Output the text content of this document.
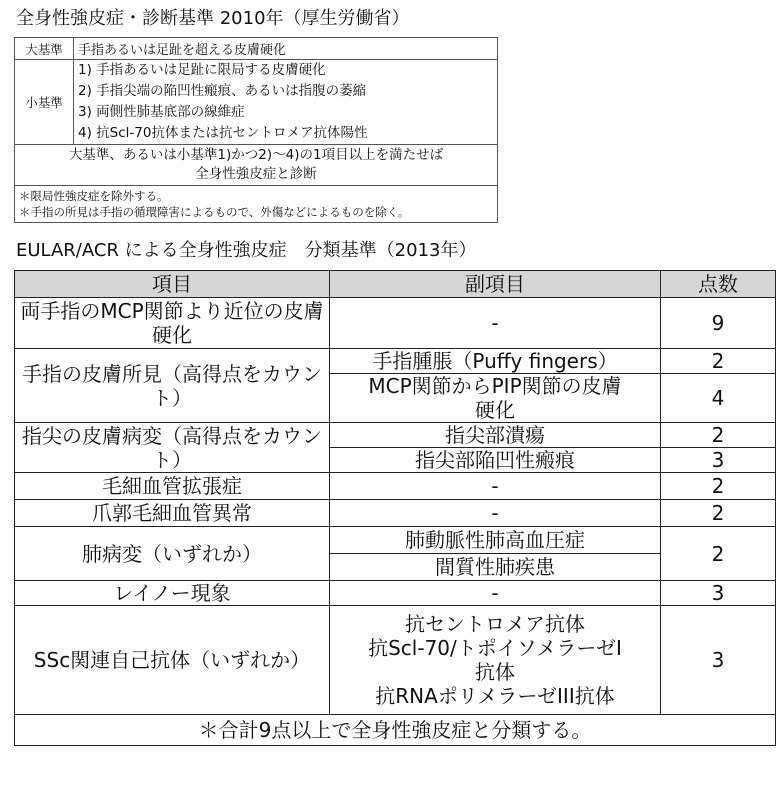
全身性強皮症・診断基準 2010年（厚生労働省）
大基準	手指あるいは足趾を超える皮膚硬化
小基準	1) 手指あるいは足趾に限局する皮膚硬化
2) 手指尖端の陥凹性瘢痕、あるいは指腹の萎縮
3) 両側性肺基底部の線維症
4) 抗Scl-70抗体または抗セントロメア抗体陽性

大基準、あるいは小基準1)かつ2)～4)の1項目以上を満たせば
全身性強皮症と診断	

＊限局性強皮症を除外する。
＊手指の所見は手指の循環障害によるもので、外傷などによるものを除く。	
EULAR/ACR による全身性強皮症　分類基準（2013年）
項目	副項目	点数
両手指のMCP関節より近位の皮膚硬化	-	9
手指の皮膚所見（高得点をカウント）	手指腫脹（Puffy fingers）	2

	MCP関節からPIP関節の皮膚
硬化	4
指尖の皮膚病変（高得点をカウント）	指尖部潰瘍	2

	指尖部陥凹性瘢痕	3
毛細血管拡張症	-	2
爪郭毛細血管異常	-	2
肺病変（いずれか）	肺動脈性肺高血圧症	2

	間質性肺疾患	

レイノー現象	-	3
SSc関連自己抗体（いずれか）	抗セントロメア抗体
抗Scl-70/トポイソメラーゼI
抗体
抗RNAポリメラーゼIII抗体	3
＊合計9点以上で全身性強皮症と分類する。		
